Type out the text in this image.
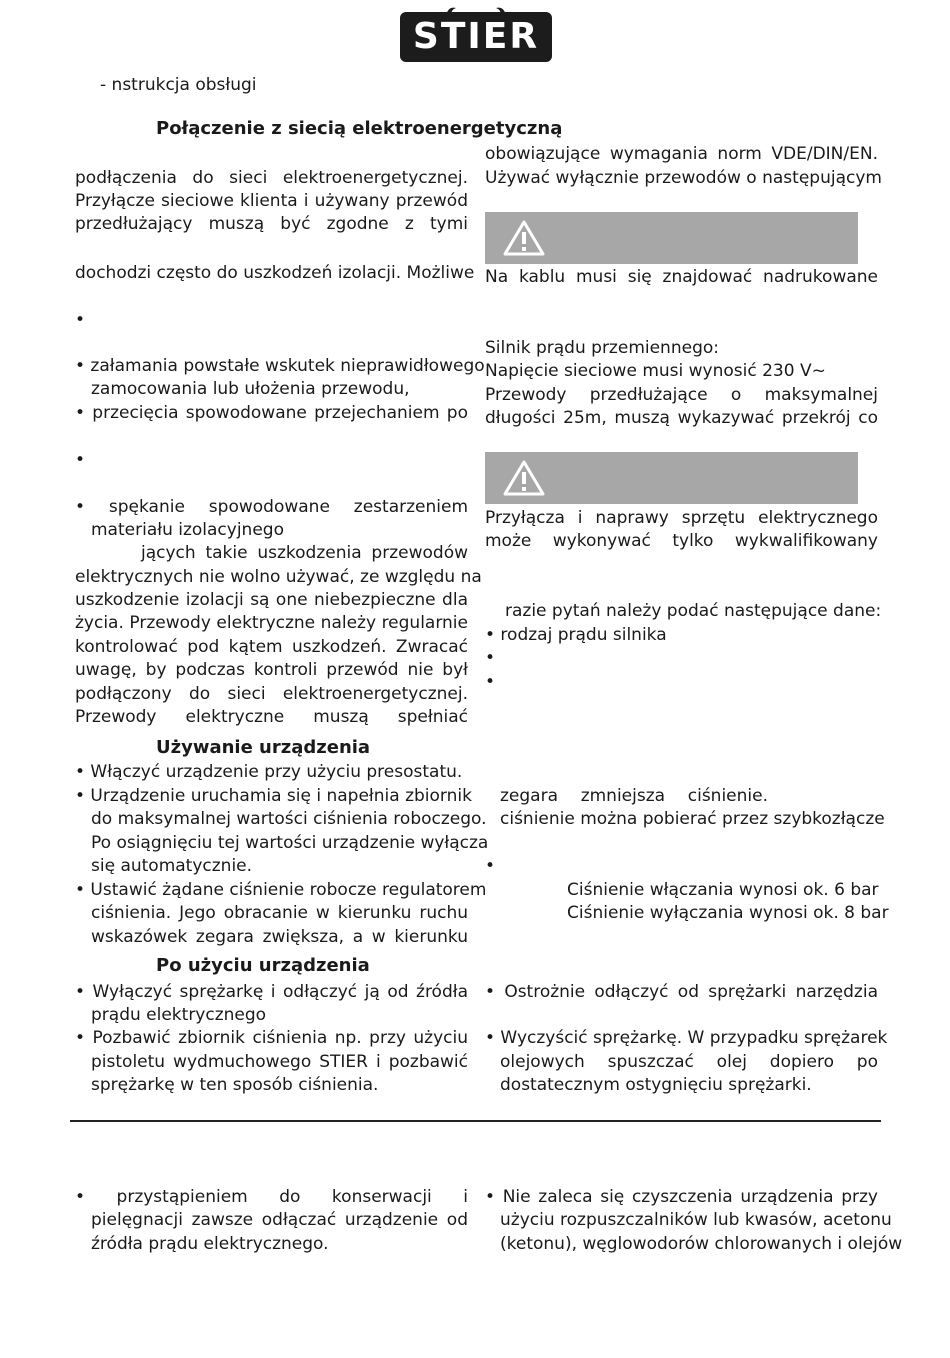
STIER
- nstrukcja obsługi
Połączenie z siecią elektroenergetyczną
podłączenia do sieci elektroenergetycznej.
Przyłącze sieciowe klienta i używany przewód
przedłużający muszą być zgodne z tymi
dochodzi często do uszkodzeń izolacji. Możliwe
•
• załamania powstałe wskutek nieprawidłowego
zamocowania lub ułożenia przewodu,
• przecięcia spowodowane przejechaniem po
•
• spękanie spowodowane zestarzeniem
materiału izolacyjnego
jących takie uszkodzenia przewodów
elektrycznych nie wolno używać, ze względu na
uszkodzenie izolacji są one niebezpieczne dla
życia. Przewody elektryczne należy regularnie
kontrolować pod kątem uszkodzeń. Zwracać
uwagę, by podczas kontroli przewód nie był
podłączony do sieci elektroenergetycznej.
Przewody elektryczne muszą spełniać
obowiązujące wymagania norm VDE/DIN/EN.
Używać wyłącznie przewodów o następującym
Na kablu musi się znajdować nadrukowane
Silnik prądu przemiennego:
Napięcie sieciowe musi wynosić 230 V~
Przewody przedłużające o maksymalnej
długości 25m, muszą wykazywać przekrój co
Przyłącza i naprawy sprzętu elektrycznego
może wykonywać tylko wykwalifikowany
razie pytań należy podać następujące dane:
• rodzaj prądu silnika
•
•
Używanie urządzenia
• Włączyć urządzenie przy użyciu presostatu.
• Urządzenie uruchamia się i napełnia zbiornik
do maksymalnej wartości ciśnienia roboczego.
Po osiągnięciu tej wartości urządzenie wyłącza
się automatycznie.
• Ustawić żądane ciśnienie robocze regulatorem
ciśnienia. Jego obracanie w kierunku ruchu
wskazówek zegara zwiększa, a w kierunku
zegara zmniejsza ciśnienie.
ciśnienie można pobierać przez szybkozłącze
•
Ciśnienie włączania wynosi ok. 6 bar
Ciśnienie wyłączania wynosi ok. 8 bar
Po użyciu urządzenia
• Wyłączyć sprężarkę i odłączyć ją od źródła
prądu elektrycznego
• Pozbawić zbiornik ciśnienia np. przy użyciu
pistoletu wydmuchowego STIER i pozbawić
sprężarkę w ten sposób ciśnienia.
• Ostrożnie odłączyć od sprężarki narzędzia
• Wyczyścić sprężarkę. W przypadku sprężarek
olejowych spuszczać olej dopiero po
dostatecznym ostygnięciu sprężarki.
• przystąpieniem do konserwacji i
pielęgnacji zawsze odłączać urządzenie od
źródła prądu elektrycznego.
• Nie zaleca się czyszczenia urządzenia przy
użyciu rozpuszczalników lub kwasów, acetonu
(ketonu), węglowodorów chlorowanych i olejów
